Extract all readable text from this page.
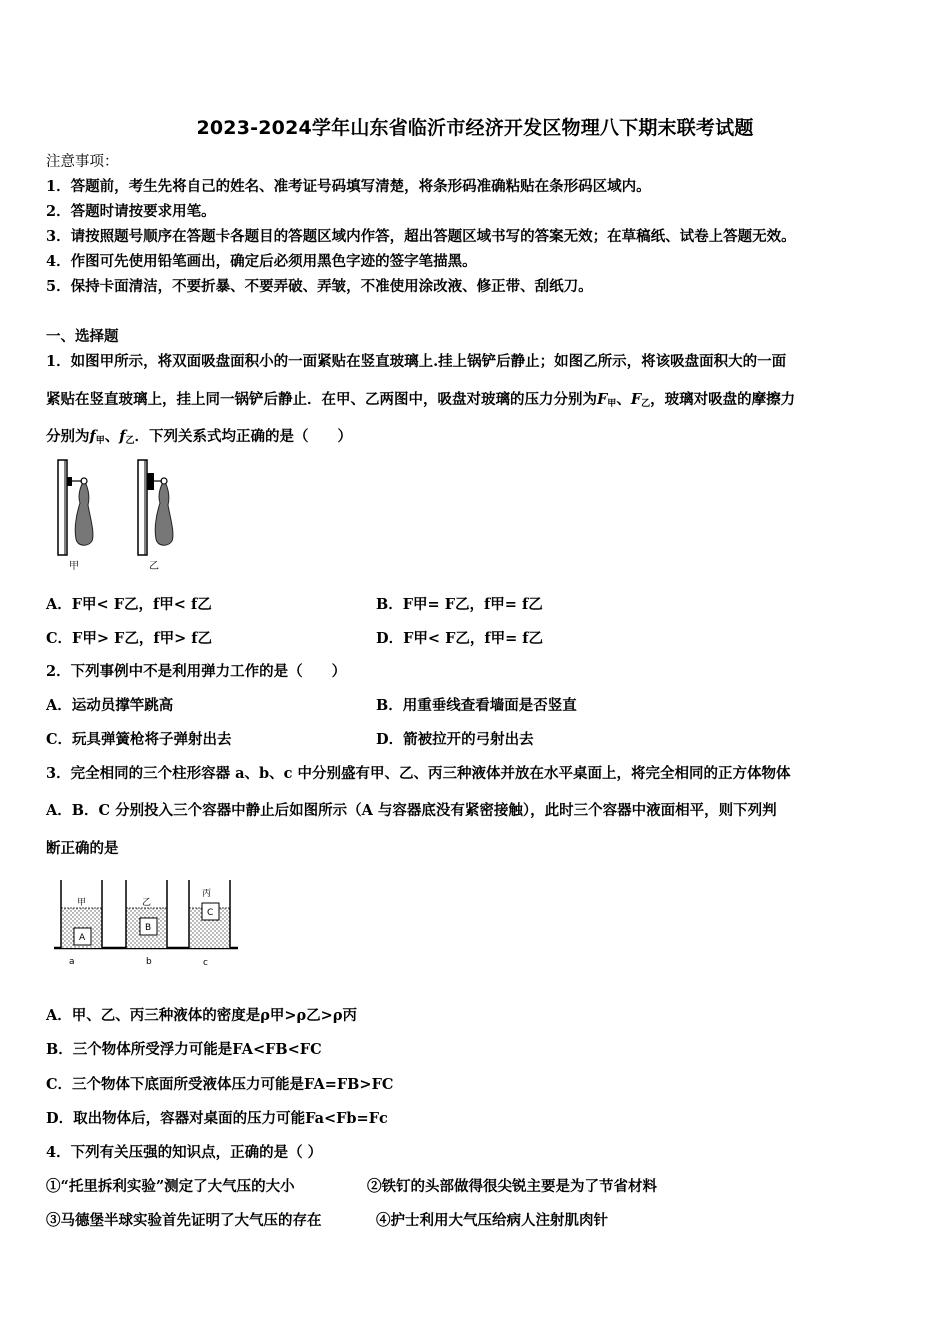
2023-2024学年山东省临沂市经济开发区物理八下期末联考试题
注意事项：
1．答题前，考生先将自己的姓名、准考证号码填写清楚，将条形码准确粘贴在条形码区域内。
2．答题时请按要求用笔。
3．请按照题号顺序在答题卡各题目的答题区域内作答，超出答题区域书写的答案无效；在草稿纸、试卷上答题无效。
4．作图可先使用铅笔画出，确定后必须用黑色字迹的签字笔描黑。
5．保持卡面清洁，不要折暴、不要弄破、弄皱，不准使用涂改液、修正带、刮纸刀。
一、选择题
1．如图甲所示，将双面吸盘面积小的一面紧贴在竖直玻璃上.挂上锅铲后静止；如图乙所示，将该吸盘面积大的一面
紧贴在竖直玻璃上，挂上同一锅铲后静止．在甲、乙两图中，吸盘对玻璃的压力分别为$F_甲$、$F_乙$，玻璃对吸盘的摩擦力
分别为$f_甲$、$f_乙$．下列关系式均正确的是（　　）
甲	乙
A．F甲< F乙，f甲< f乙	B．F甲= F乙，f甲= f乙
C．F甲> F乙，f甲> f乙	D．F甲< F乙，f甲= f乙
2．下列事例中不是利用弹力工作的是（　　）
A．运动员撑竿跳高	B．用重垂线查看墙面是否竖直
C．玩具弹簧枪将子弹射出去	D．箭被拉开的弓射出去
3．完全相同的三个柱形容器 a、b、c 中分别盛有甲、乙、丙三种液体并放在水平桌面上，将完全相同的正方体物体
A．B．C 分别投入三个容器中静止后如图所示（A 与容器底没有紧密接触），此时三个容器中液面相平，则下列判
断正确的是
A
甲
a
B
乙
b
C
丙
c
A．甲、乙、丙三种液体的密度是ρ甲>ρ乙>ρ丙
B．三个物体所受浮力可能是FA<FB<FC
C．三个物体下底面所受液体压力可能是FA=FB>FC
D．取出物体后，容器对桌面的压力可能Fa<Fb=Fc
4．下列有关压强的知识点，正确的是（ ）
①“托里拆利实验”测定了大气压的大小	②铁钉的头部做得很尖锐主要是为了节省材料
③马德堡半球实验首先证明了大气压的存在	④护士利用大气压给病人注射肌肉针
